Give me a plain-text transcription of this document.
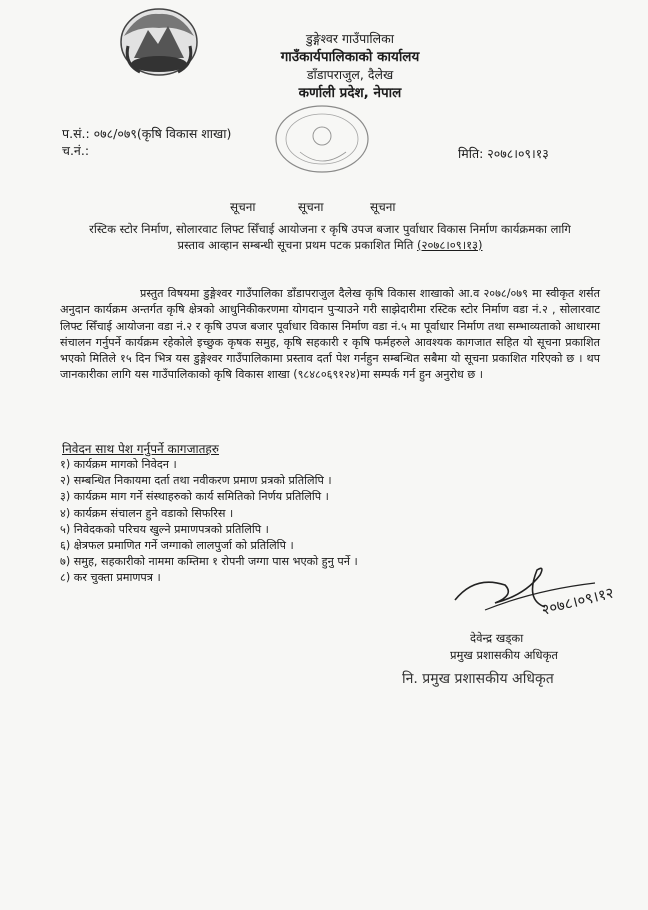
डुङ्गेश्वर गाउँपालिका
गाउँकार्यपालिकाको कार्यालय
डाँडापराजुल, दैलेख
कर्णाली प्रदेश, नेपाल
प.सं.: ०७८/०७९(कृषि विकास शाखा)
च.नं.:	मिति: २०७८।०९।१३
सूचना	सूचना	सूचना
रस्टिक स्टोर निर्माण, सोलारवाट लिफ्ट सिँचाई आयोजना र कृषि उपज बजार पुर्वाधार विकास निर्माण कार्यक्रमका लागि
प्रस्ताव आव्हान सम्बन्धी सूचना प्रथम पटक प्रकाशित मिति (२०७८।०९।१३)
प्रस्तुत विषयमा डुङ्गेश्वर गाउँपालिका डाँडापराजुल दैलेख कृषि विकास शाखाको आ.व २०७८/०७९ मा स्वीकृत शर्सत अनुदान कार्यक्रम अन्तर्गत कृषि क्षेत्रको आधुनिकीकरणमा योगदान पुऱ्याउने गरी साझेदारीमा रस्टिक स्टोर निर्माण वडा नं.२ , सोलारवाट लिफ्ट सिँचाई आयोजना वडा नं.२ र कृषि उपज बजार पूर्वाधार विकास निर्माण वडा नं.५ मा पूर्वाधार निर्माण तथा सम्भाव्यताको आधारमा संचालन गर्नुपर्ने कार्यक्रम रहेकोले इच्छुक कृषक समुह, कृषि सहकारी र कृषि फर्महरुले आवश्यक कागजात सहित यो सूचना प्रकाशित भएको मितिले १५ दिन भित्र यस डुङ्गेश्वर गाउँपालिकामा प्रस्ताव दर्ता पेश गर्नहुन सम्बन्धित सबैमा यो सूचना प्रकाशित गरिएको छ । थप जानकारीका लागि यस गाउँपालिकाको कृषि विकास शाखा (९८४८०६९१२४)मा सम्पर्क गर्न हुन अनुरोध छ ।
निवेदन साथ पेश गर्नुपर्ने कागजातहरु
१) कार्यक्रम मागको निवेदन ।
२) सम्बन्धित निकायमा दर्ता तथा नवीकरण प्रमाण प्रत्रको प्रतिलिपि ।
३) कार्यक्रम माग गर्ने संस्थाहरुको कार्य समितिको निर्णय प्रतिलिपि ।
४) कार्यक्रम संचालन हुने वडाको सिफरिस ।
५) निवेदकको परिचय खुल्ने प्रमाणपत्रको प्रतिलिपि ।
६) क्षेत्रफल प्रमाणित गर्ने जग्गाको लालपुर्जा को प्रतिलिपि ।
७) समुह, सहकारीको नाममा कम्तिमा १ रोपनी जग्गा पास भएको हुनु पर्ने ।
८) कर चुक्ता प्रमाणपत्र ।
२०७८।०९।१२
देवेन्द्र खड्का
प्रमुख प्रशासकीय अधिकृत
नि. प्रमुख प्रशासकीय अधिकृत
